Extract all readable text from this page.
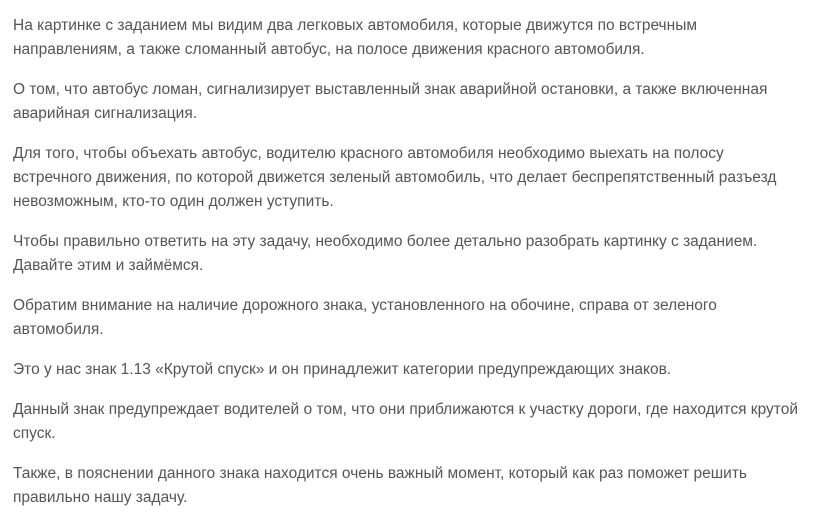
На картинке с заданием мы видим два легковых автомобиля, которые движутся по встречным направлениям, а также сломанный автобус, на полосе движения красного автомобиля.

О том, что автобус ломан, сигнализирует выставленный знак аварийной остановки, а также включенная аварийная сигнализация.

Для того, чтобы объехать автобус, водителю красного автомобиля необходимо выехать на полосу встречного движения, по которой движется зеленый автомобиль, что делает беспрепятственный разъезд невозможным, кто-то один должен уступить.

Чтобы правильно ответить на эту задачу, необходимо более детально разобрать картинку с заданием. Давайте этим и займёмся.

Обратим внимание на наличие дорожного знака, установленного на обочине, справа от зеленого автомобиля.

Это у нас знак 1.13 «Крутой спуск» и он принадлежит категории предупреждающих знаков.

Данный знак предупреждает водителей о том, что они приближаются к участку дороги, где находится крутой спуск.

Также, в пояснении данного знака находится очень важный момент, который как раз поможет решить правильно нашу задачу.
